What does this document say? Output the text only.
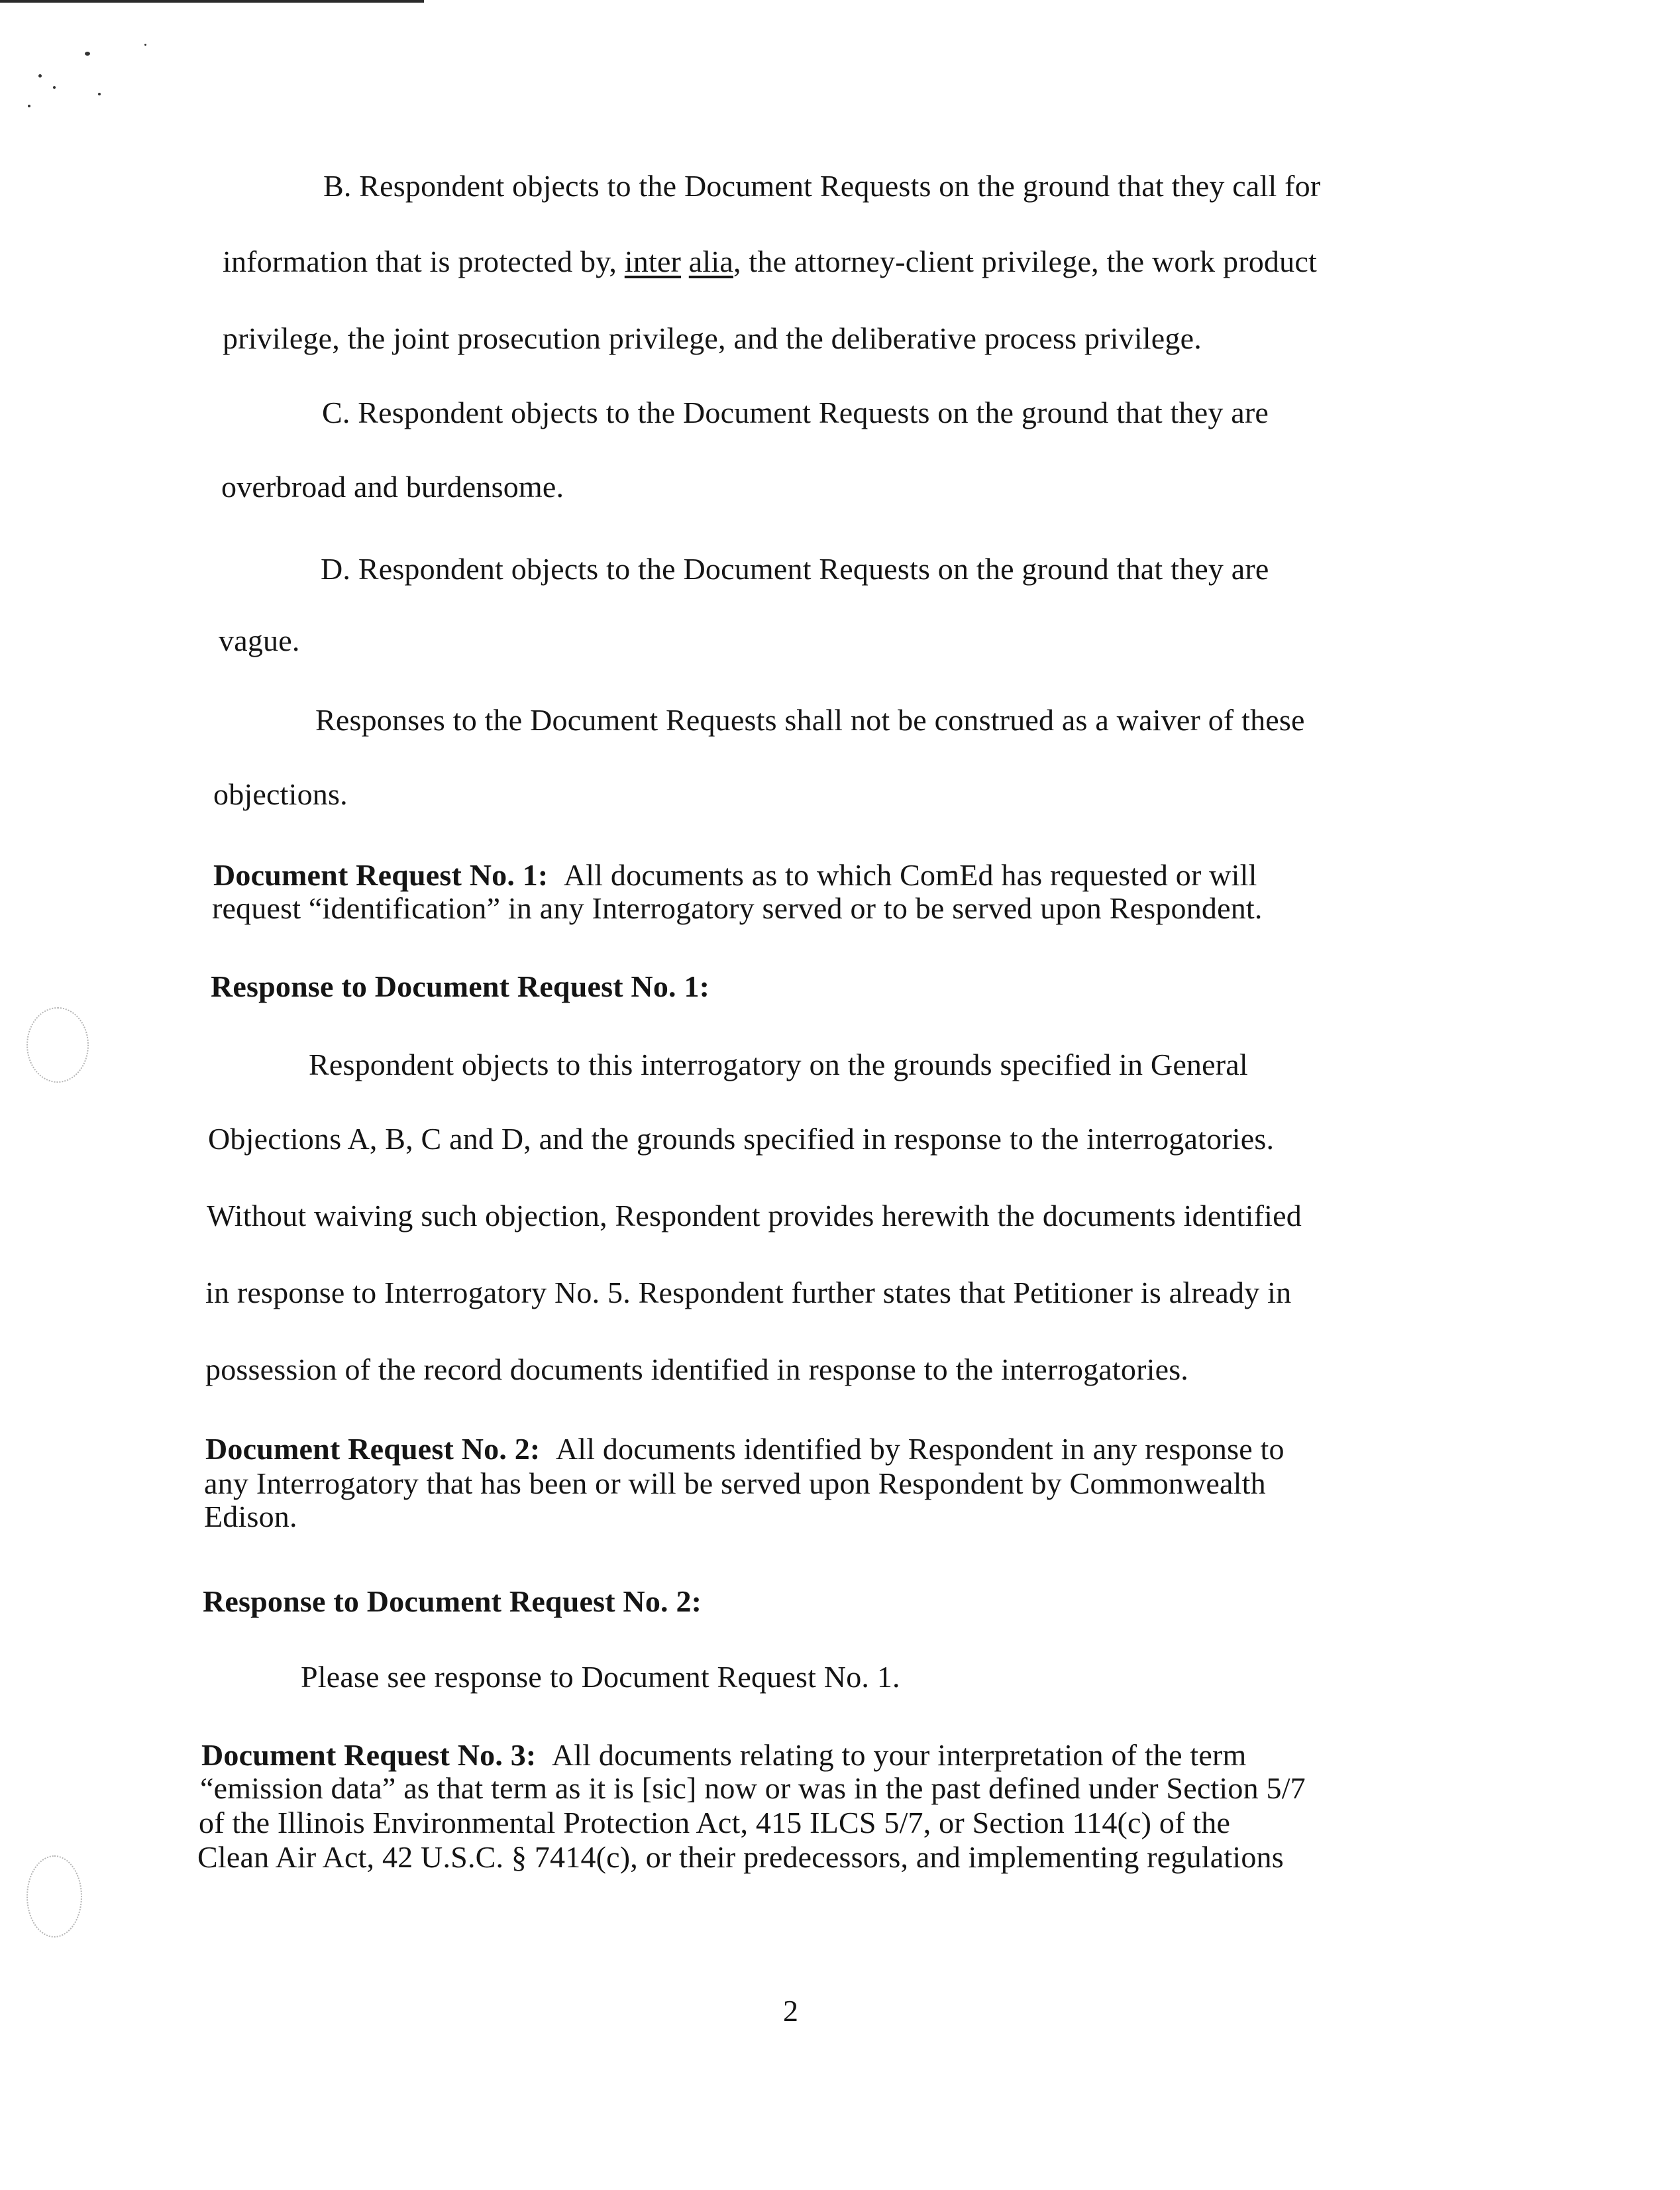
B. Respondent objects to the Document Requests on the ground that they call for
information that is protected by, inter alia, the attorney-client privilege, the work product
privilege, the joint prosecution privilege, and the deliberative process privilege.
C. Respondent objects to the Document Requests on the ground that they are
overbroad and burdensome.
D. Respondent objects to the Document Requests on the ground that they are
vague.
Responses to the Document Requests shall not be construed as a waiver of these
objections.
Document Request No. 1: All documents as to which ComEd has requested or will
request “identification” in any Interrogatory served or to be served upon Respondent.
Response to Document Request No. 1:
Respondent objects to this interrogatory on the grounds specified in General
Objections A, B, C and D, and the grounds specified in response to the interrogatories.
Without waiving such objection, Respondent provides herewith the documents identified
in response to Interrogatory No. 5. Respondent further states that Petitioner is already in
possession of the record documents identified in response to the interrogatories.
Document Request No. 2: All documents identified by Respondent in any response to
any Interrogatory that has been or will be served upon Respondent by Commonwealth
Edison.
Response to Document Request No. 2:
Please see response to Document Request No. 1.
Document Request No. 3: All documents relating to your interpretation of the term
“emission data” as that term as it is [sic] now or was in the past defined under Section 5/7
of the Illinois Environmental Protection Act, 415 ILCS 5/7, or Section 114(c) of the
Clean Air Act, 42 U.S.C. § 7414(c), or their predecessors, and implementing regulations
2
